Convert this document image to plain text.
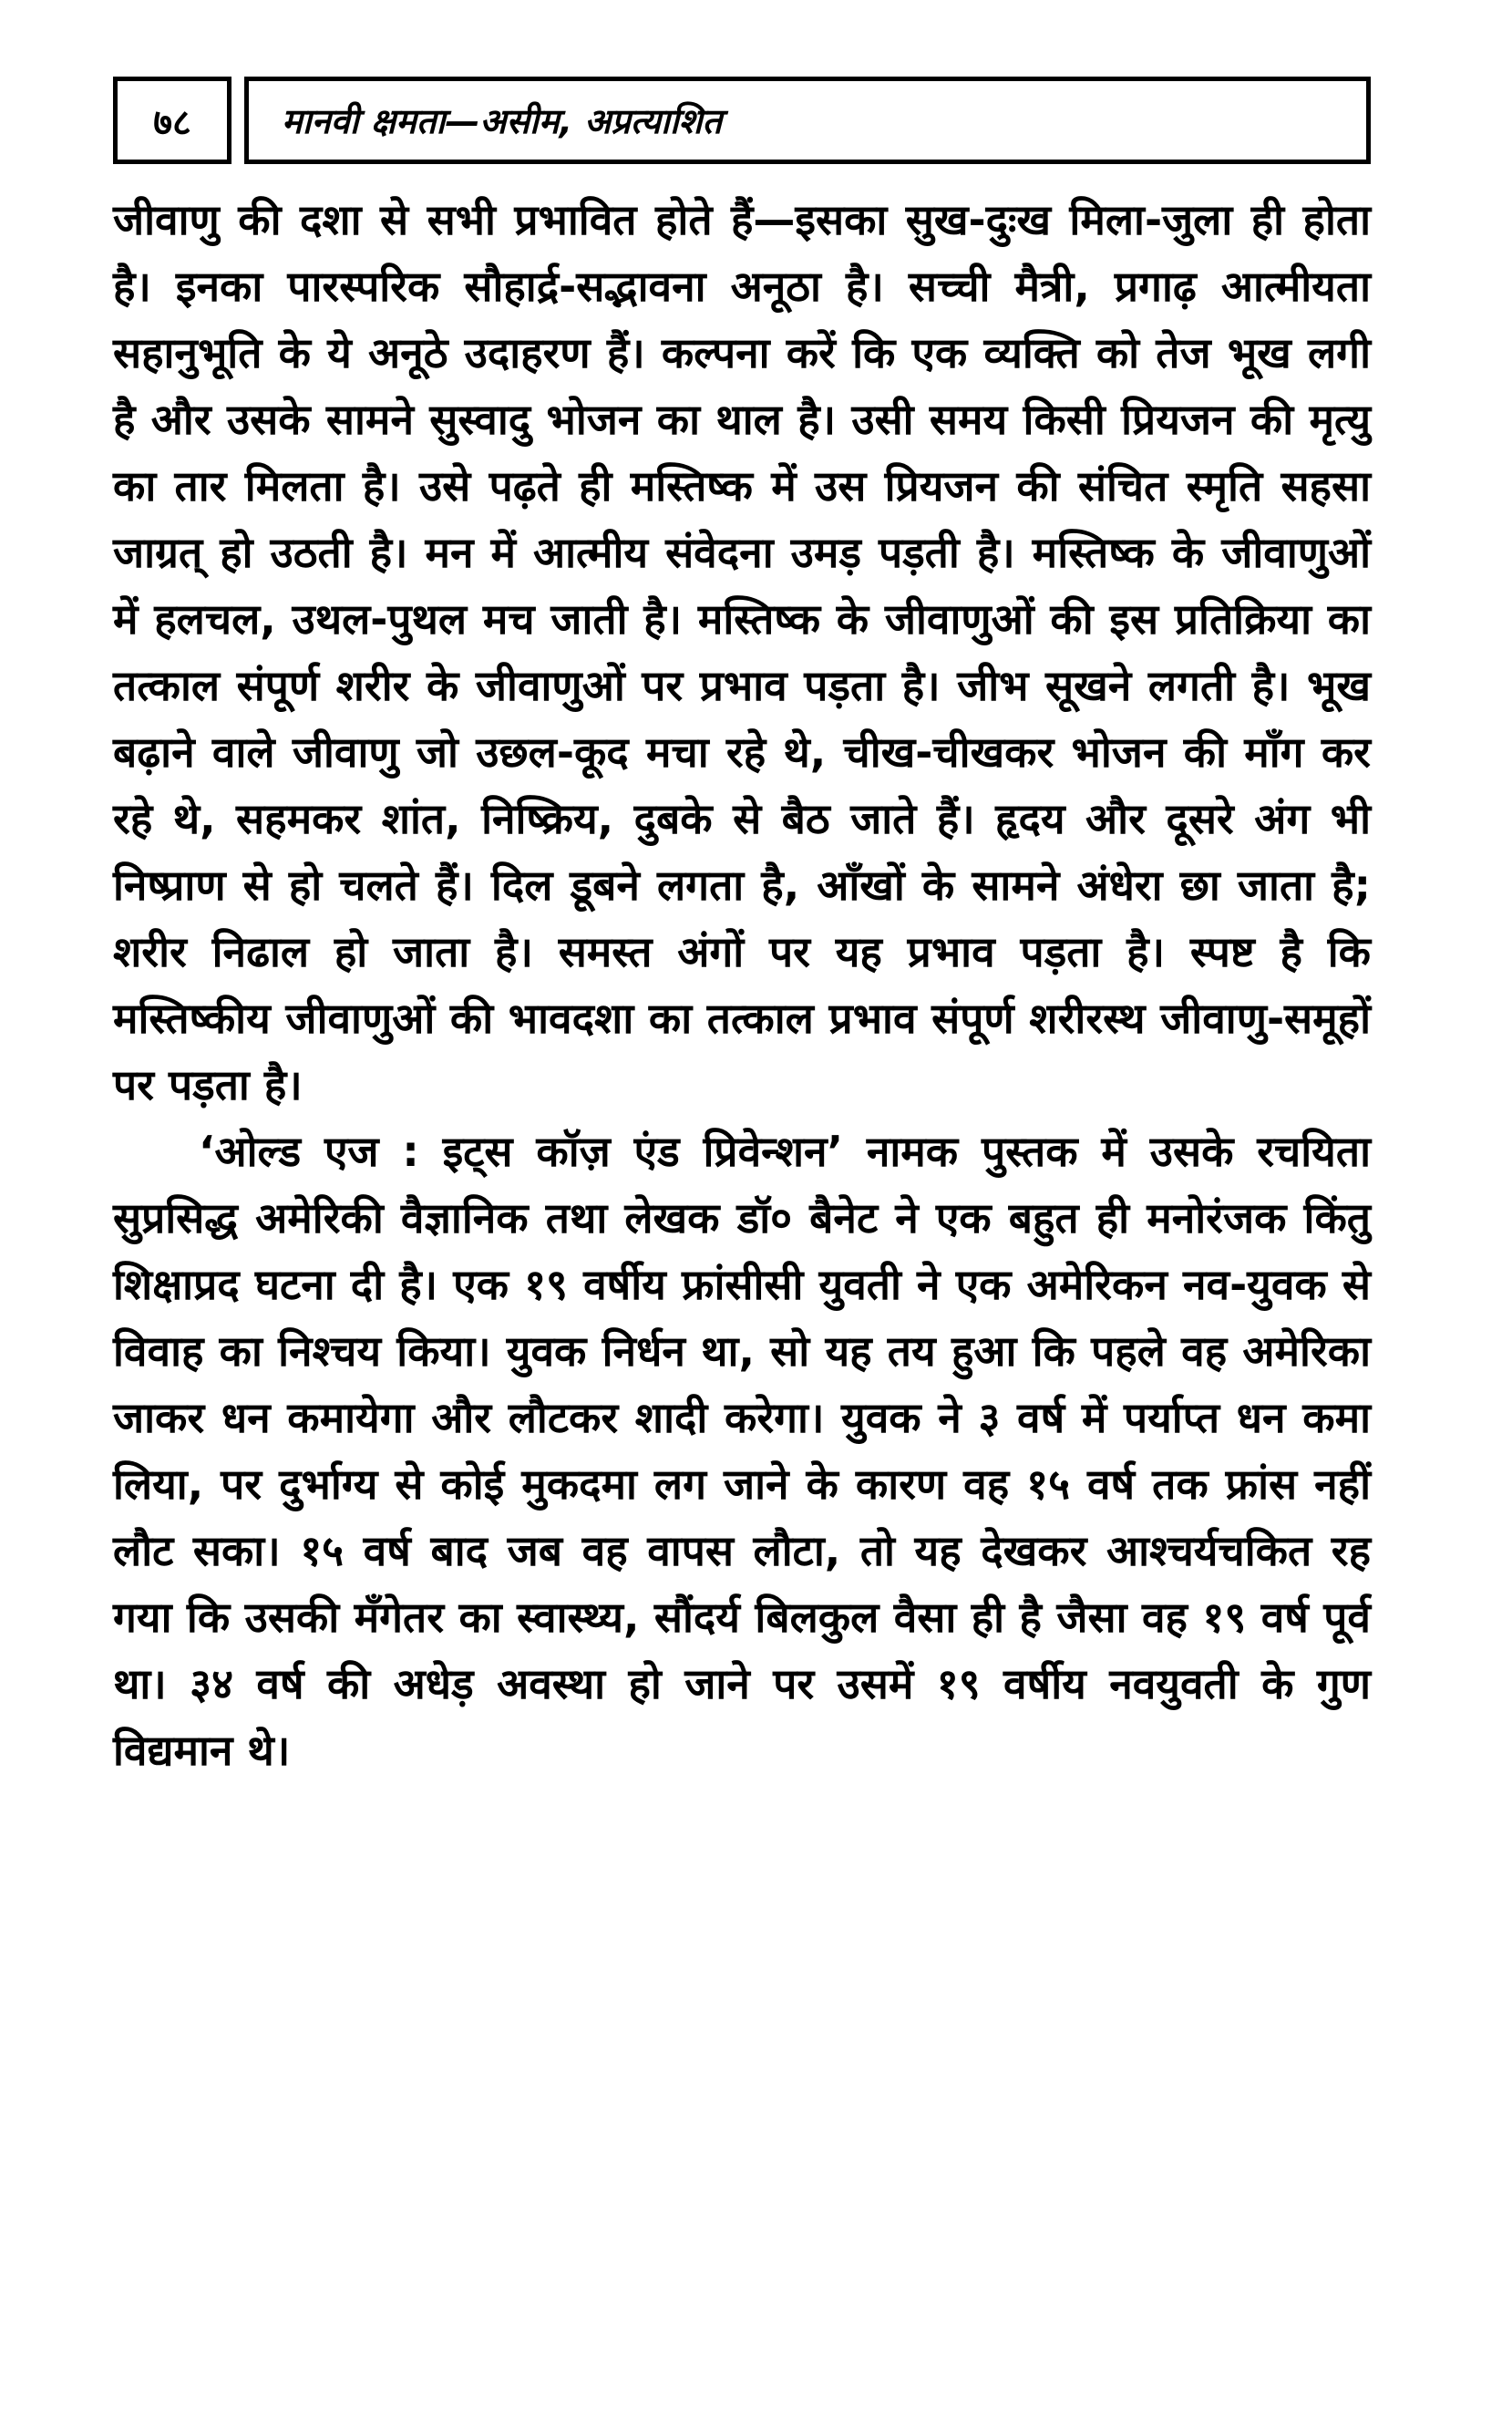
७८	मानवी क्षमता—असीम, अप्रत्याशित

जीवाणु की दशा से सभी प्रभावित होते हैं—इसका सुख-दुःख मिला-जुला ही होता है। इनका पारस्परिक सौहार्द्र-सद्भावना अनूठा है। सच्ची मैत्री, प्रगाढ़ आत्मीयता सहानुभूति के ये अनूठे उदाहरण हैं। कल्पना करें कि एक व्यक्ति को तेज भूख लगी है और उसके सामने सुस्वादु भोजन का थाल है। उसी समय किसी प्रियजन की मृत्यु का तार मिलता है। उसे पढ़ते ही मस्तिष्क में उस प्रियजन की संचित स्मृति सहसा जाग्रत् हो उठती है। मन में आत्मीय संवेदना उमड़ पड़ती है। मस्तिष्क के जीवाणुओं में हलचल, उथल-पुथल मच जाती है। मस्तिष्क के जीवाणुओं की इस प्रतिक्रिया का तत्काल संपूर्ण शरीर के जीवाणुओं पर प्रभाव पड़ता है। जीभ सूखने लगती है। भूख बढ़ाने वाले जीवाणु जो उछल-कूद मचा रहे थे, चीख-चीखकर भोजन की माँग कर रहे थे, सहमकर शांत, निष्क्रिय, दुबके से बैठ जाते हैं। हृदय और दूसरे अंग भी निष्प्राण से हो चलते हैं। दिल डूबने लगता है, आँखों के सामने अंधेरा छा जाता है; शरीर निढाल हो जाता है। समस्त अंगों पर यह प्रभाव पड़ता है। स्पष्ट है कि मस्तिष्कीय जीवाणुओं की भावदशा का तत्काल प्रभाव संपूर्ण शरीरस्थ जीवाणु-समूहों पर पड़ता है।

‘ओल्ड एज : इट्स कॉज़ एंड प्रिवेन्शन’ नामक पुस्तक में उसके रचयिता सुप्रसिद्ध अमेरिकी वैज्ञानिक तथा लेखक डॉ० बैनेट ने एक बहुत ही मनोरंजक किंतु शिक्षाप्रद घटना दी है। एक १९ वर्षीय फ्रांसीसी युवती ने एक अमेरिकन नव-युवक से विवाह का निश्चय किया। युवक निर्धन था, सो यह तय हुआ कि पहले वह अमेरिका जाकर धन कमायेगा और लौटकर शादी करेगा। युवक ने ३ वर्ष में पर्याप्त धन कमा लिया, पर दुर्भाग्य से कोई मुकदमा लग जाने के कारण वह १५ वर्ष तक फ्रांस नहीं लौट सका। १५ वर्ष बाद जब वह वापस लौटा, तो यह देखकर आश्चर्यचकित रह गया कि उसकी मँगेतर का स्वास्थ्य, सौंदर्य बिलकुल वैसा ही है जैसा वह १९ वर्ष पूर्व था। ३४ वर्ष की अधेड़ अवस्था हो जाने पर उसमें १९ वर्षीय नवयुवती के गुण विद्यमान थे।
